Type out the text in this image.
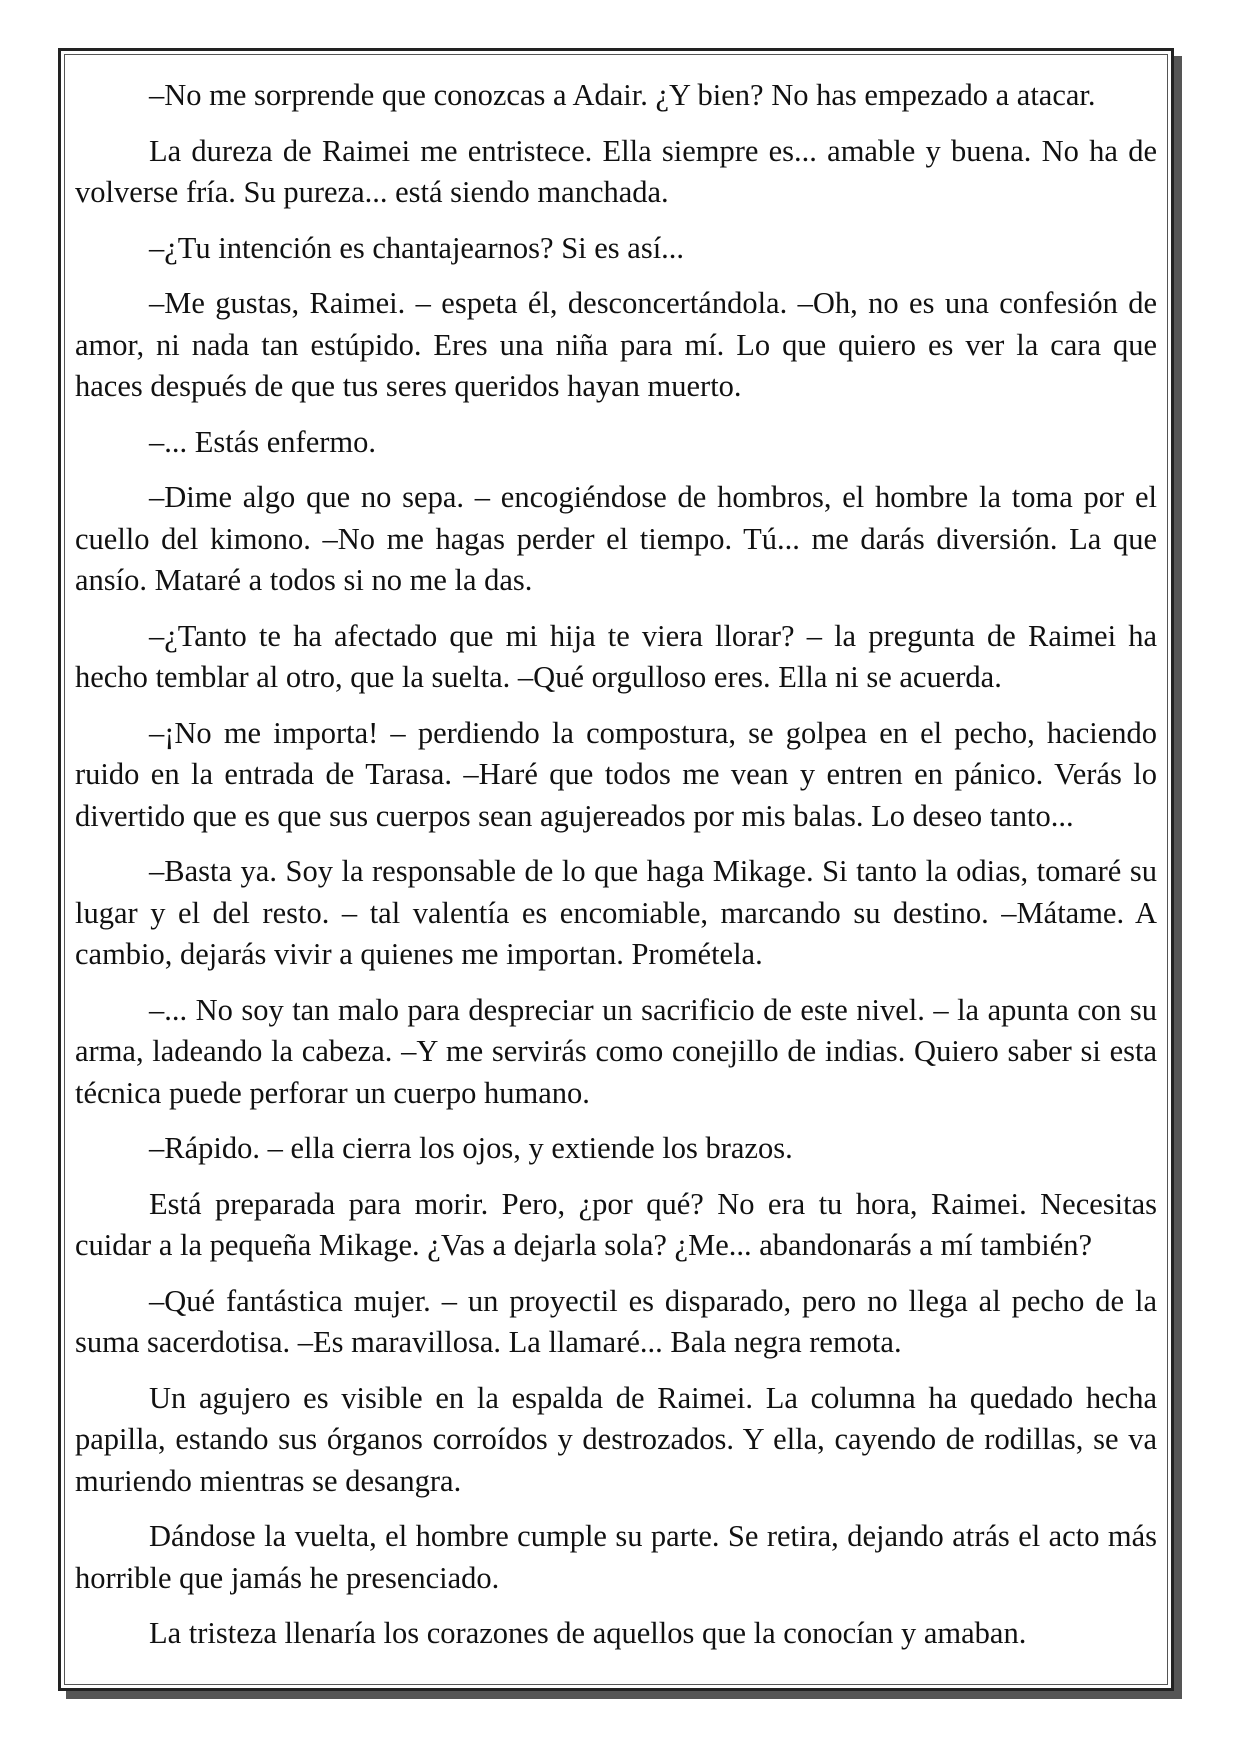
–No me sorprende que conozcas a Adair. ¿Y bien? No has empezado a atacar.

La dureza de Raimei me entristece. Ella siempre es... amable y buena. No ha de volverse fría. Su pureza... está siendo manchada.

–¿Tu intención es chantajearnos? Si es así...

–Me gustas, Raimei. – espeta él, desconcertándola. –Oh, no es una confesión de amor, ni nada tan estúpido. Eres una niña para mí. Lo que quiero es ver la cara que haces después de que tus seres queridos hayan muerto.

–... Estás enfermo.

–Dime algo que no sepa. – encogiéndose de hombros, el hombre la toma por el cuello del kimono. –No me hagas perder el tiempo. Tú... me darás diversión. La que ansío. Mataré a todos si no me la das.

–¿Tanto te ha afectado que mi hija te viera llorar? – la pregunta de Raimei ha hecho temblar al otro, que la suelta. –Qué orgulloso eres. Ella ni se acuerda.

–¡No me importa! – perdiendo la compostura, se golpea en el pecho, haciendo ruido en la entrada de Tarasa. –Haré que todos me vean y entren en pánico. Verás lo divertido que es que sus cuerpos sean agujereados por mis balas. Lo deseo tanto...

–Basta ya. Soy la responsable de lo que haga Mikage. Si tanto la odias, tomaré su lugar y el del resto. – tal valentía es encomiable, marcando su destino. –Mátame. A cambio, dejarás vivir a quienes me importan. Prométela.

–... No soy tan malo para despreciar un sacrificio de este nivel. – la apunta con su arma, ladeando la cabeza. –Y me servirás como conejillo de indias. Quiero saber si esta técnica puede perforar un cuerpo humano.

–Rápido. – ella cierra los ojos, y extiende los brazos.

Está preparada para morir. Pero, ¿por qué? No era tu hora, Raimei. Necesitas cuidar a la pequeña Mikage. ¿Vas a dejarla sola? ¿Me... abandonarás a mí también?

–Qué fantástica mujer. – un proyectil es disparado, pero no llega al pecho de la suma sacerdotisa. –Es maravillosa. La llamaré... Bala negra remota.

Un agujero es visible en la espalda de Raimei. La columna ha quedado hecha papilla, estando sus órganos corroídos y destrozados. Y ella, cayendo de rodillas, se va muriendo mientras se desangra.

Dándose la vuelta, el hombre cumple su parte. Se retira, dejando atrás el acto más horrible que jamás he presenciado.

La tristeza llenaría los corazones de aquellos que la conocían y amaban.
